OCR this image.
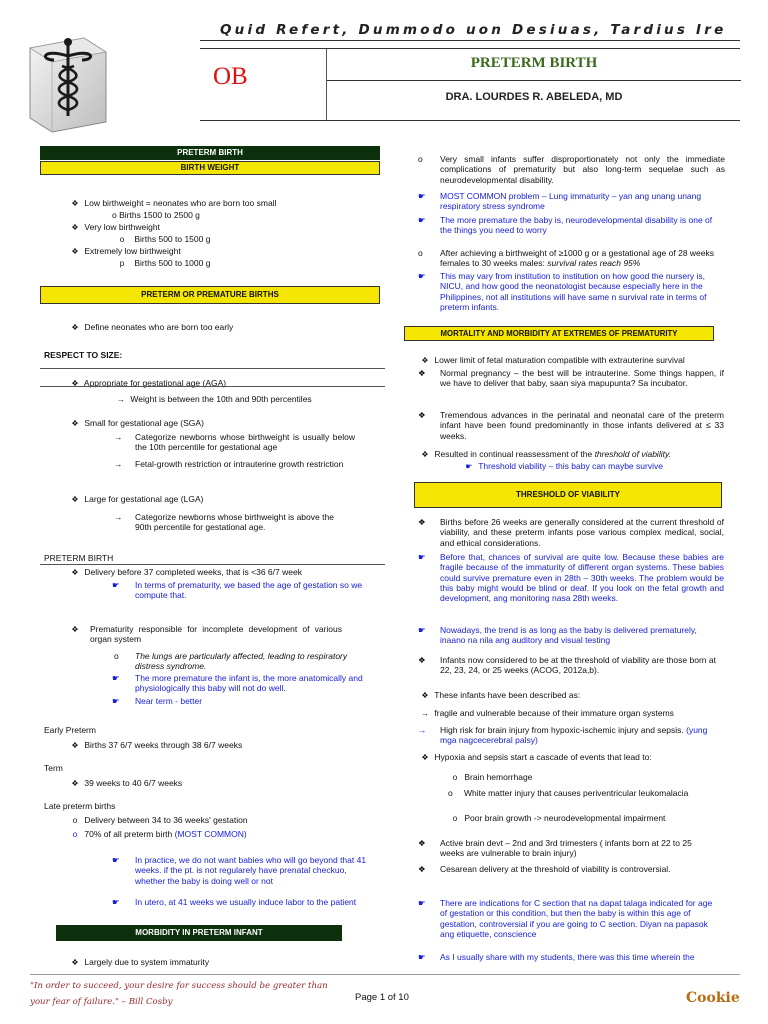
Quid Refert, Dummodo uon Desiuas, Tardius Ire
OB	PRETERM BIRTH
DRA. LOURDES R. ABELEDA, MD
PRETERM BIRTH
BIRTH WEIGHT
❖ Low birthweight = neonates who are born too small
o Births 1500 to 2500 g
❖ Very low birthweight
o Births 500 to 1500 g
❖ Extremely low birthweight
p Births 500 to 1000 g
PRETERM OR PREMATURE BIRTHS
❖ Define neonates who are born too early
RESPECT TO SIZE:
❖ Appropriate for gestational age (AGA)
→ Weight is between the 10th and 90th percentiles
❖ Small for gestational age (SGA)
→	Categorize newborns whose birthweight is usually below the 10th percentile for gestational age
→	Fetal-growth restriction or intrauterine growth restriction
❖ Large for gestational age (LGA)
→	Categorize newborns whose birthweight is above the 90th percentile for gestational age.
PRETERM BIRTH
❖ Delivery before 37 completed weeks, that is <36 6/7 week
☛	In terms of prematurity, we based the age of gestation so we compute that.
❖	Prematurity responsible for incomplete development of various organ system
o	The lungs are particularly affected, leading to respiratory distress syndrome.
☛	The more premature the infant is, the more anatomically and physiologically this baby will not do well.
☛	Near term - better
Early Preterm
❖ Births 37 6/7 weeks through 38 6/7 weeks
Term
❖ 39 weeks to 40 6/7 weeks
Late preterm births
o Delivery between 34 to 36 weeks' gestation
o 70% of all preterm birth (MOST COMMON)
☛	In practice, we do not want babies who will go beyond that 41 weeks. if the pt. is not regularely have prenatal checkuo, whether the baby is doing well or not
☛	In utero, at 41 weeks we usually induce labor to the patient
MORBIDITY IN PRETERM INFANT
❖ Largely due to system immaturity
o	Very small infants suffer disproportionately not only the immediate complications of prematurity but also long-term sequelae such as neurodevelopmental disability.
☛	MOST COMMON problem – Lung immaturity – yan ang unang unang respiratory stress syndrome
☛	The more premature the baby is, neurodevelopmental disability is one of the things you need to worry
o	After achieving a birthweight of ≥1000 g or a gestational age of 28 weeks females to 30 weeks males: survival rates reach 95%
☛	This may vary from institution to institution on how good the nursery is, NICU, and how good the neonatologist because especially here in the Philippines, not all institutions will have same n survival rate in terms of preterm infants.
MORTALITY AND MORBIDITY AT EXTREMES OF PREMATURITY
❖ Lower limit of fetal maturation compatible with extrauterine survival
❖	Normal pregnancy – the best will be intrauterine. Some things happen, if we have to deliver that baby, saan siya mapupunta? Sa incubator.
❖	Tremendous advances in the perinatal and neonatal care of the preterm infant have been found predominantly in those infants delivered at ≤ 33 weeks.
❖ Resulted in continual reassessment of the threshold of viability.
☛ Threshold viability – this baby can maybe survive
THRESHOLD OF VIABILITY
❖	Births before 26 weeks are generally considered at the current threshold of viability, and these preterm infants pose various complex medical, social, and ethical considerations.
☛	Before that, chances of survival are quite low. Because these babies are fragile because of the immaturity of different organ systems. These babies could survive premature even in 28th – 30th weeks. The problem would be this baby might would be blind or deaf. If you look on the fetal growth and development, ang monitoring nasa 28th weeks.
☛	Nowadays, the trend is as long as the baby is delivered prematurely, inaano na nila ang auditory and visual testing
❖	Infants now considered to be at the threshold of viability are those born at 22, 23, 24, or 25 weeks (ACOG, 2012a,b).
❖ These infants have been described as:
→ fragile and vulnerable because of their immature organ systems
→	High risk for brain injury from hypoxic-ischemic injury and sepsis. (yung mga nagcecerebral palsy)
❖ Hypoxia and sepsis start a cascade of events that lead to:
o Brain hemorrhage
o	White matter injury that causes periventricular leukomalacia
o Poor brain growth -> neurodevelopmental impairment
❖	Active brain devt – 2nd and 3rd trimesters ( infants born at 22 to 25 weeks are vulnerable to brain injury)
❖	Cesarean delivery at the threshold of viability is controversial.
☛	There are indications for C section that na dapat talaga indicated for age of gestation or this condition, but then the baby is within this age of gestation, controversial if you are going to C section. Diyan na papasok ang etiquette, conscience
☛	As I usually share with my students, there was this time wherein the
"In order to succeed, your desire for success should be greater than your fear of failure." – Bill Cosby	Page 1 of 10	Cookie
